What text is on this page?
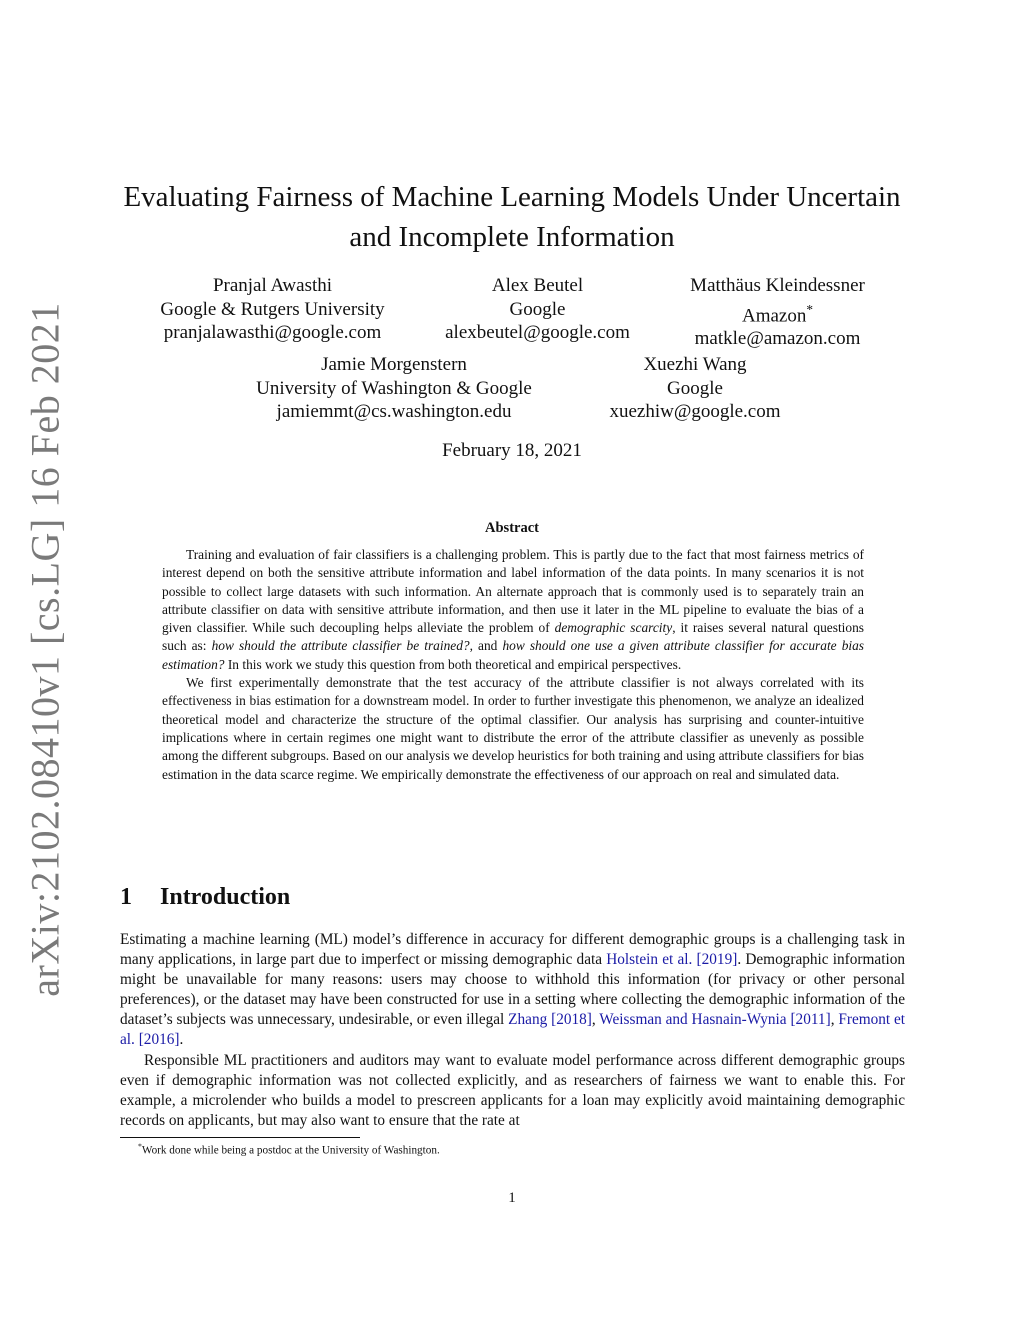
arXiv:2102.08410v1 [cs.LG] 16 Feb 2021
Evaluating Fairness of Machine Learning Models Under Uncertain
and Incomplete Information
Pranjal Awasthi
Google & Rutgers University
pranjalawasthi@google.com
Alex Beutel
Google
alexbeutel@google.com
Matthäus Kleindessner
Amazon*
matkle@amazon.com
Jamie Morgenstern
University of Washington & Google
jamiemmt@cs.washington.edu
Xuezhi Wang
Google
xuezhiw@google.com
February 18, 2021
Abstract

Training and evaluation of fair classifiers is a challenging problem. This is partly due to the fact that most fairness metrics of interest depend on both the sensitive attribute information and label information of the data points. In many scenarios it is not possible to collect large datasets with such information. An alternate approach that is commonly used is to separately train an attribute classifier on data with sensitive attribute information, and then use it later in the ML pipeline to evaluate the bias of a given classifier. While such decoupling helps alleviate the problem of demographic scarcity, it raises several natural questions such as: how should the attribute classifier be trained?, and how should one use a given attribute classifier for accurate bias estimation? In this work we study this question from both theoretical and empirical perspectives.

We first experimentally demonstrate that the test accuracy of the attribute classifier is not always correlated with its effectiveness in bias estimation for a downstream model. In order to further investigate this phenomenon, we analyze an idealized theoretical model and characterize the structure of the optimal classifier. Our analysis has surprising and counter-intuitive implications where in certain regimes one might want to distribute the error of the attribute classifier as unevenly as possible among the different subgroups. Based on our analysis we develop heuristics for both training and using attribute classifiers for bias estimation in the data scarce regime. We empirically demonstrate the effectiveness of our approach on real and simulated data.

1 Introduction

Estimating a machine learning (ML) model’s difference in accuracy for different demographic groups is a challenging task in many applications, in large part due to imperfect or missing demographic data Holstein et al. [2019]. Demographic information might be unavailable for many reasons: users may choose to withhold this information (for privacy or other personal preferences), or the dataset may have been constructed for use in a setting where collecting the demographic information of the dataset’s subjects was unnecessary, undesirable, or even illegal Zhang [2018], Weissman and Hasnain-Wynia [2011], Fremont et al. [2016].

Responsible ML practitioners and auditors may want to evaluate model performance across different demographic groups even if demographic information was not collected explicitly, and as researchers of fairness we want to enable this. For example, a microlender who builds a model to prescreen applicants for a loan may explicitly avoid maintaining demographic records on applicants, but may also want to ensure that the rate at

*Work done while being a postdoc at the University of Washington.
1
